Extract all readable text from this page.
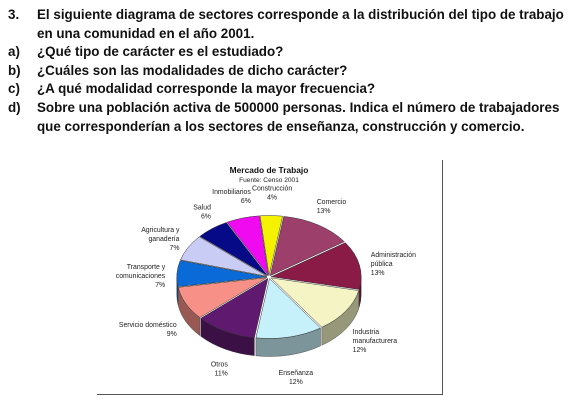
3.	El siguiente diagrama de sectores corresponde a la distribución del tipo de trabajo en una comunidad en el año 2001.
a)	¿Qué tipo de carácter es el estudiado?
b)	¿Cuáles son las modalidades de dicho carácter?
c)	¿A qué modalidad corresponde la mayor frecuencia?
d)	Sobre una población activa de 500000 personas. Indica el número de trabajadores que corresponderían a los sectores de enseñanza, construcción y comercio.
Mercado de Trabajo
Fuente: Censo 2001
Construcción 4%
Comercio 13%
Administración pública 13%
Industria manufacturera 12%
Enseñanza 12%
Otros 11%
Servicio doméstico 9%
Transporte y comunicaciones 7%
Agricultura y ganadería 7%
Salud 6%
Inmobiliarios 6%
